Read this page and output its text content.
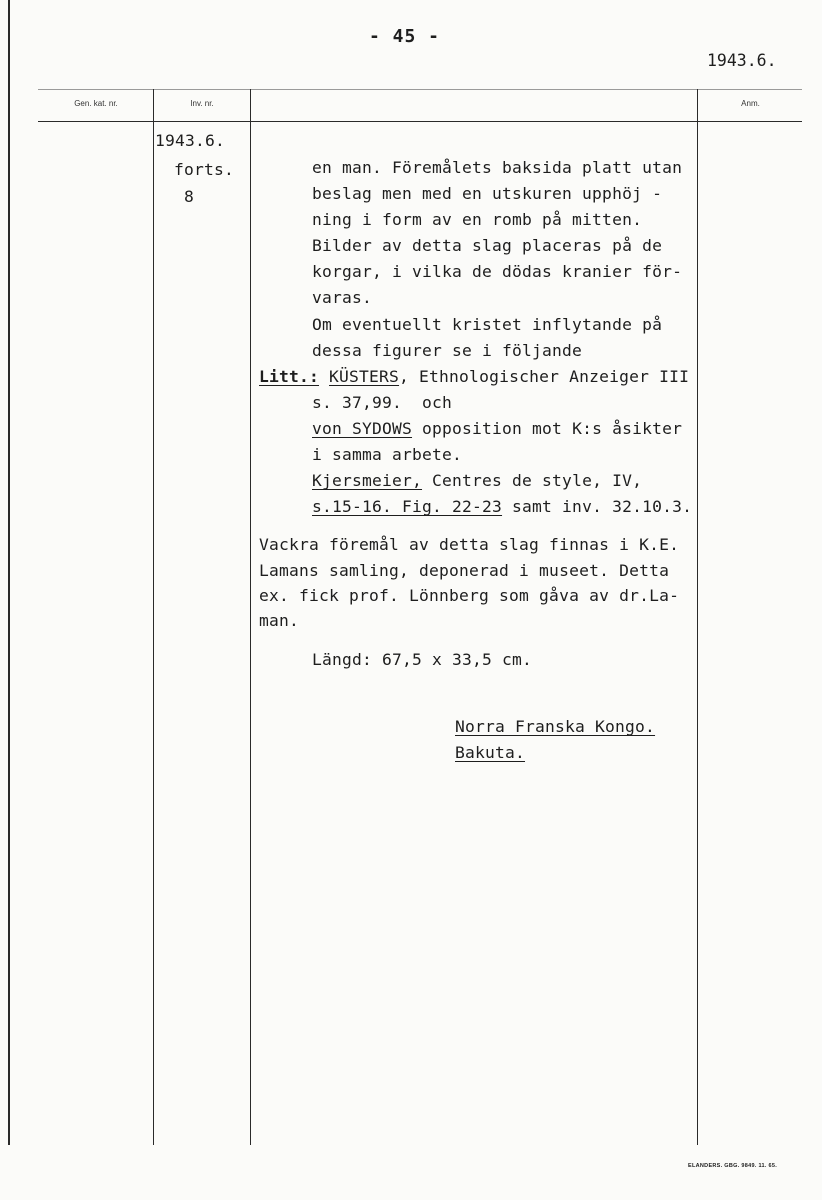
- 45 -
1943.6.
Gen. kat. nr.	Inv. nr.	Anm.
1943.6.
forts.
8
en man. Föremålets baksida platt utan
beslag men med en utskuren upphöj -
ning i form av en romb på mitten.
Bilder av detta slag placeras på de
korgar, i vilka de dödas kranier för-
varas.
Om eventuellt kristet inflytande på
dessa figurer se i följande
Litt.: KÜSTERS, Ethnologischer Anzeiger III
s. 37,99.  och
von SYDOWS opposition mot K:s åsikter
i samma arbete.
Kjersmeier, Centres de style, IV,
s.15-16. Fig. 22-23 samt inv. 32.10.3.
Vackra föremål av detta slag finnas i K.E.
Lamans samling, deponerad i museet. Detta
ex. fick prof. Lönnberg som gåva av dr.La-
man.
Längd: 67,5 x 33,5 cm.
Norra Franska Kongo.
Bakuta.
ELANDERS. GBG. 9849. 11. 65.
